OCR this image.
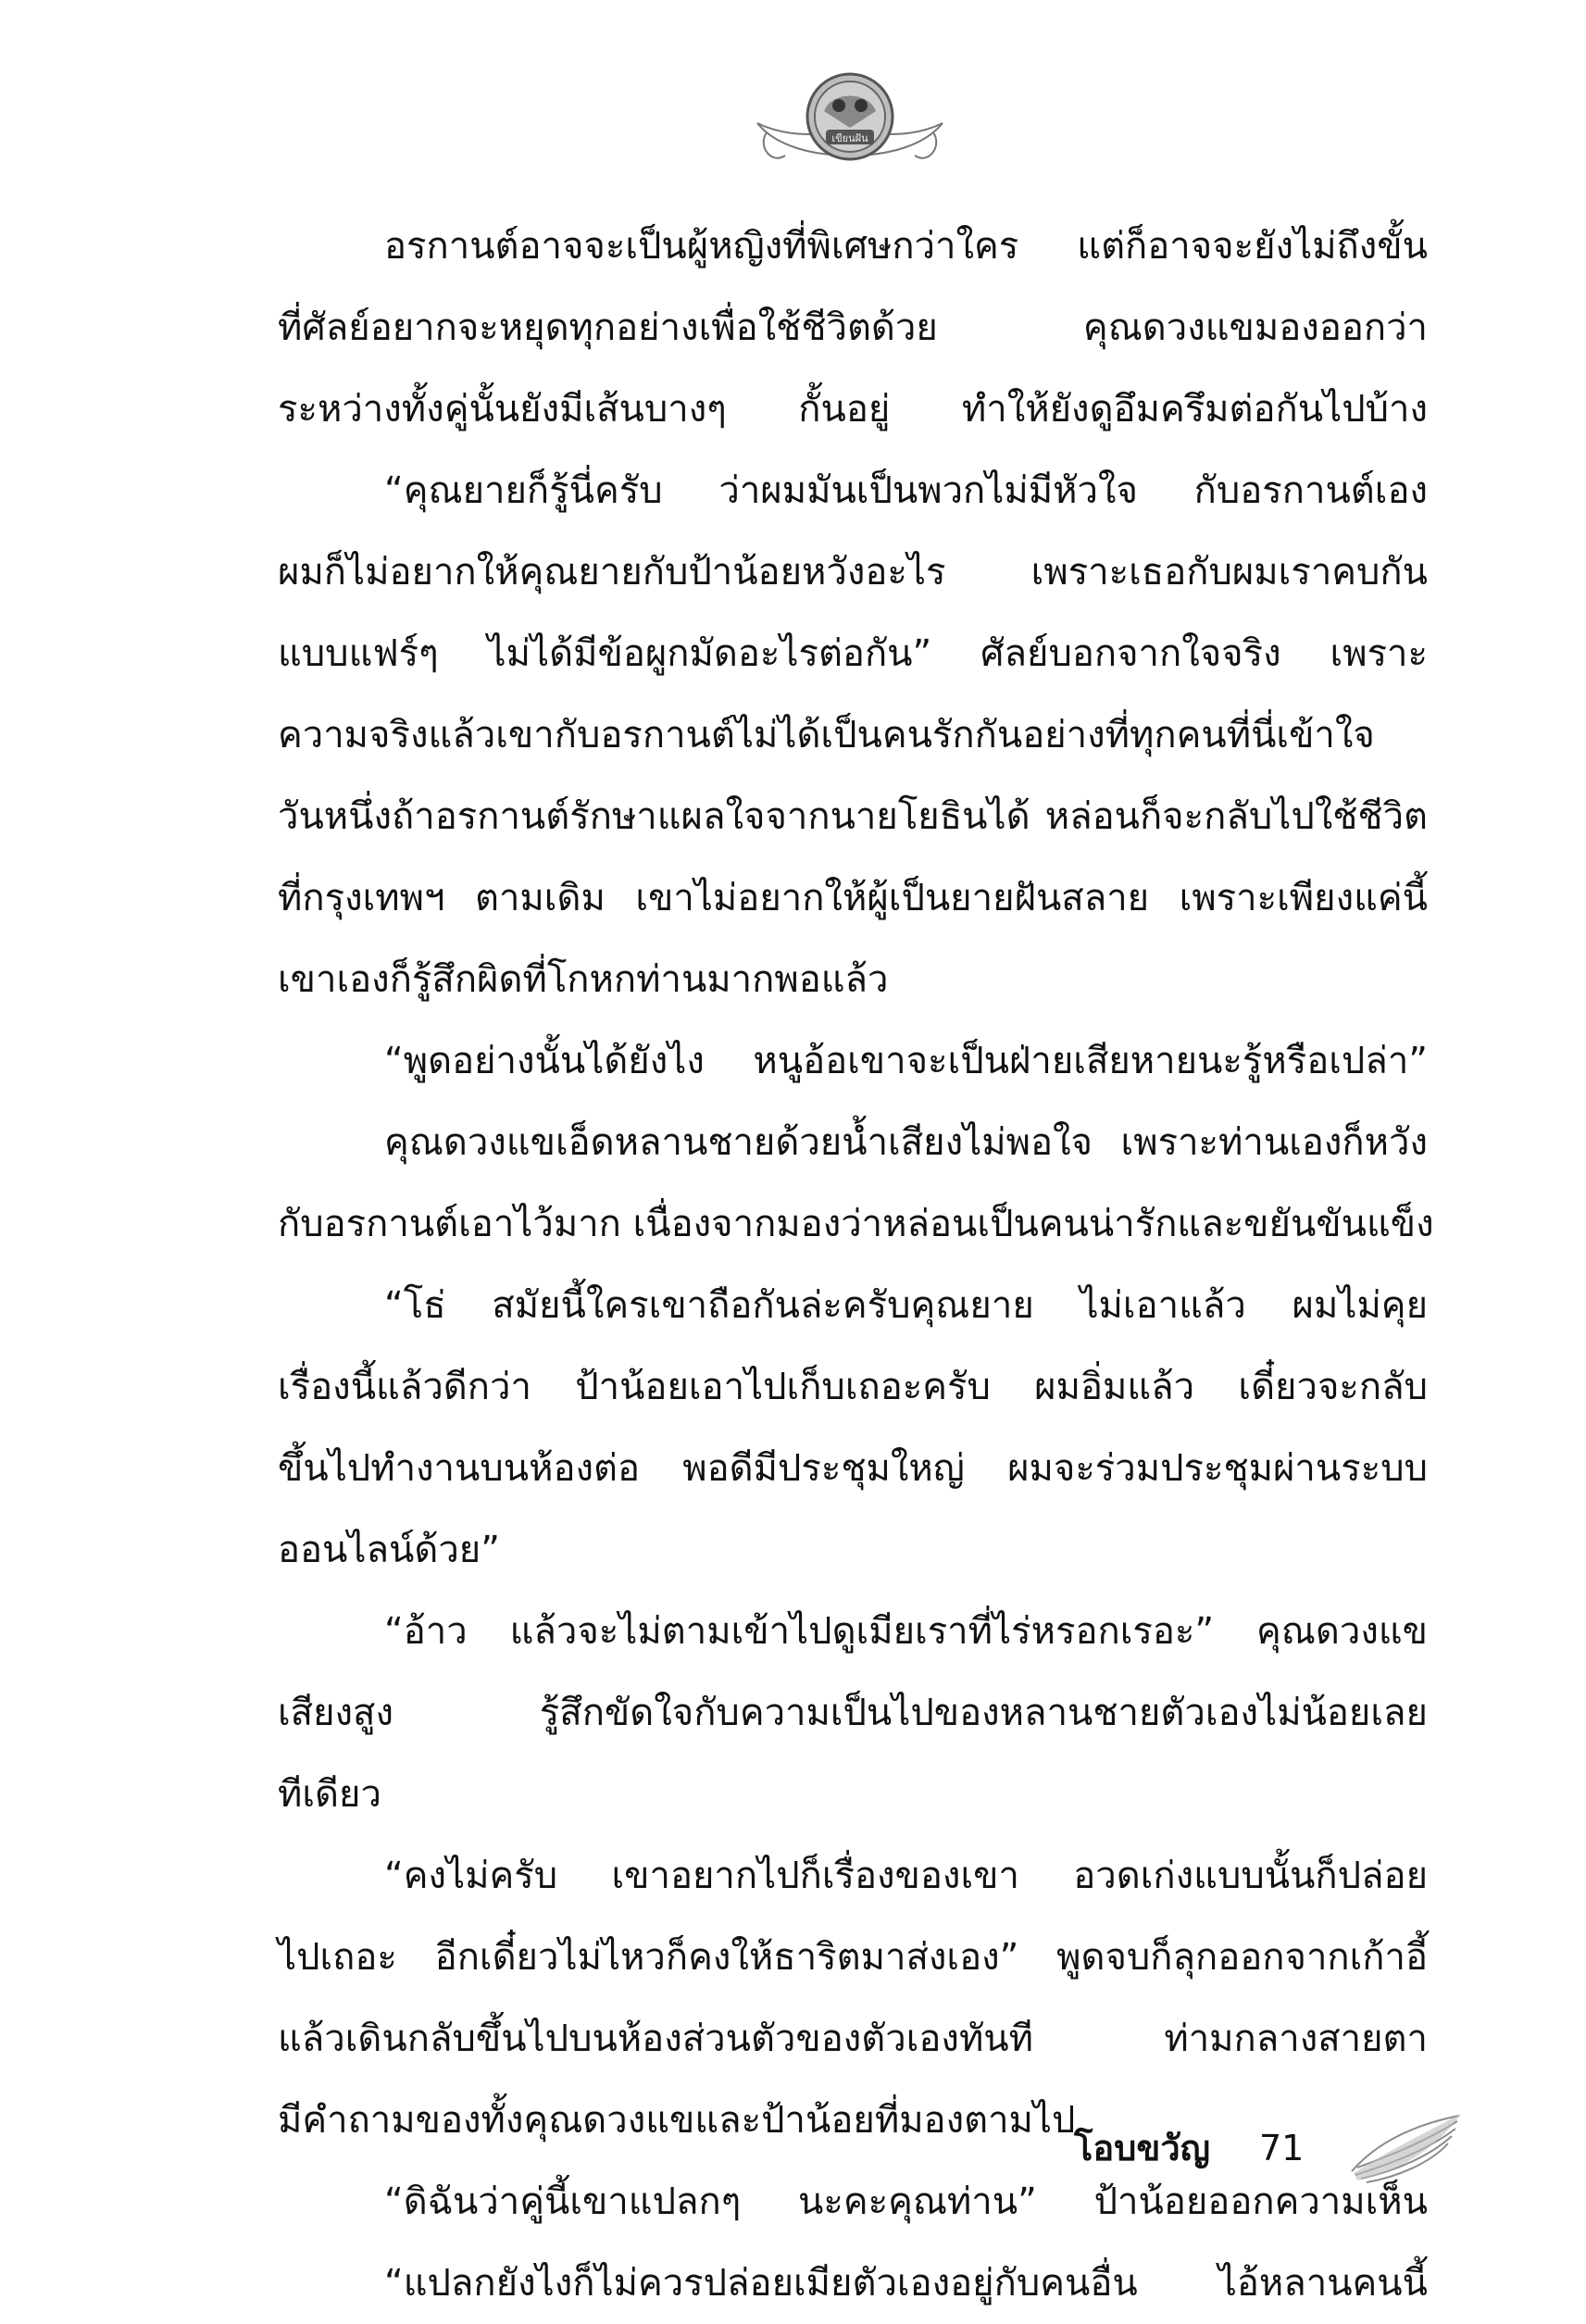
เขียนฝัน
อรกานต์อาจจะเป็นผู้หญิงที่พิเศษกว่าใคร แต่ก็อาจจะยังไม่ถึงขั้น
ที่ศัลย์อยากจะหยุดทุกอย่างเพื่อใช้ชีวิตด้วย คุณดวงแขมองออกว่า
ระหว่างทั้งคู่นั้นยังมีเส้นบางๆ กั้นอยู่ ทำให้ยังดูอึมครึมต่อกันไปบ้าง
“คุณยายก็รู้นี่ครับ ว่าผมมันเป็นพวกไม่มีหัวใจ กับอรกานต์เอง
ผมก็ไม่อยากให้คุณยายกับป้าน้อยหวังอะไร เพราะเธอกับผมเราคบกัน
แบบแฟร์ๆ ไม่ได้มีข้อผูกมัดอะไรต่อกัน” ศัลย์บอกจากใจจริง เพราะ
ความจริงแล้วเขากับอรกานต์ไม่ได้เป็นคนรักกันอย่างที่ทุกคนที่นี่เข้าใจ
วันหนึ่งถ้าอรกานต์รักษาแผลใจจากนายโยธินได้ หล่อนก็จะกลับไปใช้ชีวิต
ที่กรุงเทพฯ ตามเดิม เขาไม่อยากให้ผู้เป็นยายฝันสลาย เพราะเพียงแค่นี้
เขาเองก็รู้สึกผิดที่โกหกท่านมากพอแล้ว
“พูดอย่างนั้นได้ยังไง หนูอ้อเขาจะเป็นฝ่ายเสียหายนะรู้หรือเปล่า”
คุณดวงแขเอ็ดหลานชายด้วยน้ำเสียงไม่พอใจ เพราะท่านเองก็หวัง
กับอรกานต์เอาไว้มาก เนื่องจากมองว่าหล่อนเป็นคนน่ารักและขยันขันแข็ง
“โธ่ สมัยนี้ใครเขาถือกันล่ะครับคุณยาย ไม่เอาแล้ว ผมไม่คุย
เรื่องนี้แล้วดีกว่า ป้าน้อยเอาไปเก็บเถอะครับ ผมอิ่มแล้ว เดี๋ยวจะกลับ
ขึ้นไปทำงานบนห้องต่อ พอดีมีประชุมใหญ่ ผมจะร่วมประชุมผ่านระบบ
ออนไลน์ด้วย”
“อ้าว แล้วจะไม่ตามเข้าไปดูเมียเราที่ไร่หรอกเรอะ” คุณดวงแข
เสียงสูง รู้สึกขัดใจกับความเป็นไปของหลานชายตัวเองไม่น้อยเลย
ทีเดียว
“คงไม่ครับ เขาอยากไปก็เรื่องของเขา อวดเก่งแบบนั้นก็ปล่อย
ไปเถอะ อีกเดี๋ยวไม่ไหวก็คงให้ธาริตมาส่งเอง” พูดจบก็ลุกออกจากเก้าอี้
แล้วเดินกลับขึ้นไปบนห้องส่วนตัวของตัวเองทันที ท่ามกลางสายตา
มีคำถามของทั้งคุณดวงแขและป้าน้อยที่มองตามไป
“ดิฉันว่าคู่นี้เขาแปลกๆ นะคะคุณท่าน” ป้าน้อยออกความเห็น
“แปลกยังไงก็ไม่ควรปล่อยเมียตัวเองอยู่กับคนอื่น ไอ้หลานคนนี้
โอบขวัญ 71
